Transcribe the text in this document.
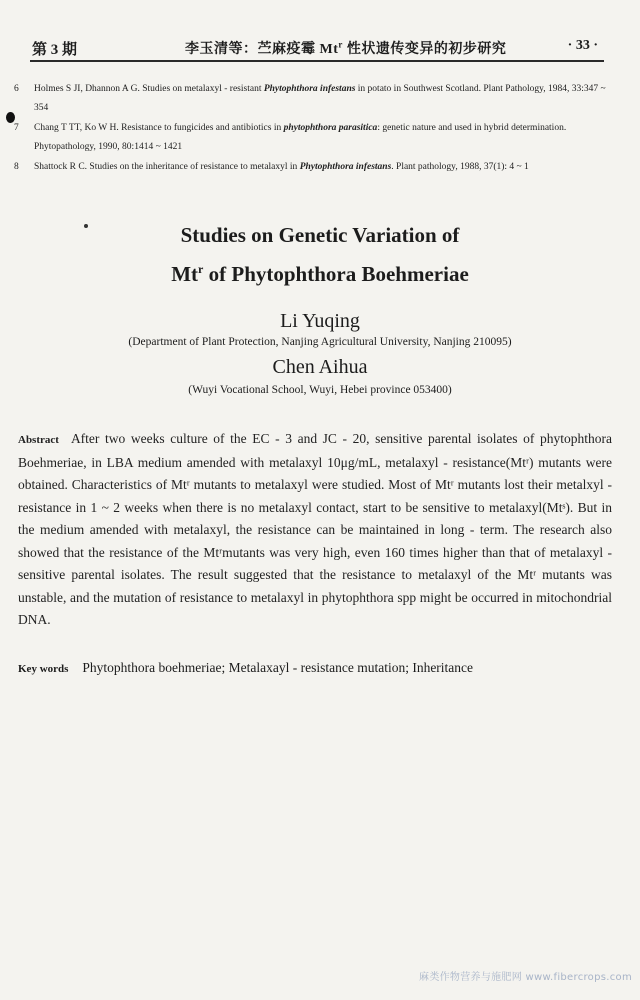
第 3 期	李玉清等：苎麻疫霉 Mt$^r$ 性状遗传变异的初步研究	· 33 ·
6	Holmes S JI, Dhannon A G. Studies on metalaxyl - resistant Phytophthora infestans in potato in Southwest Scotland. Plant Pathology, 1984, 33:347 ~ 354
7	Chang T TT, Ko W H. Resistance to fungicides and antibiotics in phytophthora parasitica: genetic nature and used in hybrid determination. Phytopathology, 1990, 80:1414 ~ 1421
8	Shattock R C. Studies on the inheritance of resistance to metalaxyl in Phytophthora infestans. Plant pathology, 1988, 37(1): 4 ~ 1
Studies on Genetic Variation of
Mt$^r$ of Phytophthora Boehmeriae
Li Yuqing
(Department of Plant Protection, Nanjing Agricultural University, Nanjing 210095)
Chen Aihua
(Wuyi Vocational School, Wuyi, Hebei province 053400)
Abstract After two weeks culture of the EC - 3 and JC - 20, sensitive parental isolates of phytophthora Boehmeriae, in LBA medium amended with metalaxyl 10μg/mL, metalaxyl - resistance(Mtʳ) mutants were obtained. Characteristics of Mtʳ mutants to metalaxyl were studied. Most of Mtʳ mutants lost their metalxyl - resistance in 1 ~ 2 weeks when there is no metalaxyl contact, start to be sensitive to metalaxyl(Mtˢ). But in the medium amended with metalaxyl, the resistance can be maintained in long - term. The research also showed that the resistance of the Mtʳmutants was very high, even 160 times higher than that of metalaxyl - sensitive parental isolates. The result suggested that the resistance to metalaxyl of the Mtʳ mutants was unstable, and the mutation of resistance to metalaxyl in phytophthora spp might be occurred in mitochondrial DNA.
Key words Phytophthora boehmeriae; Metalaxayl - resistance mutation; Inheritance
麻类作物营养与施肥网 www.fibercrops.com
